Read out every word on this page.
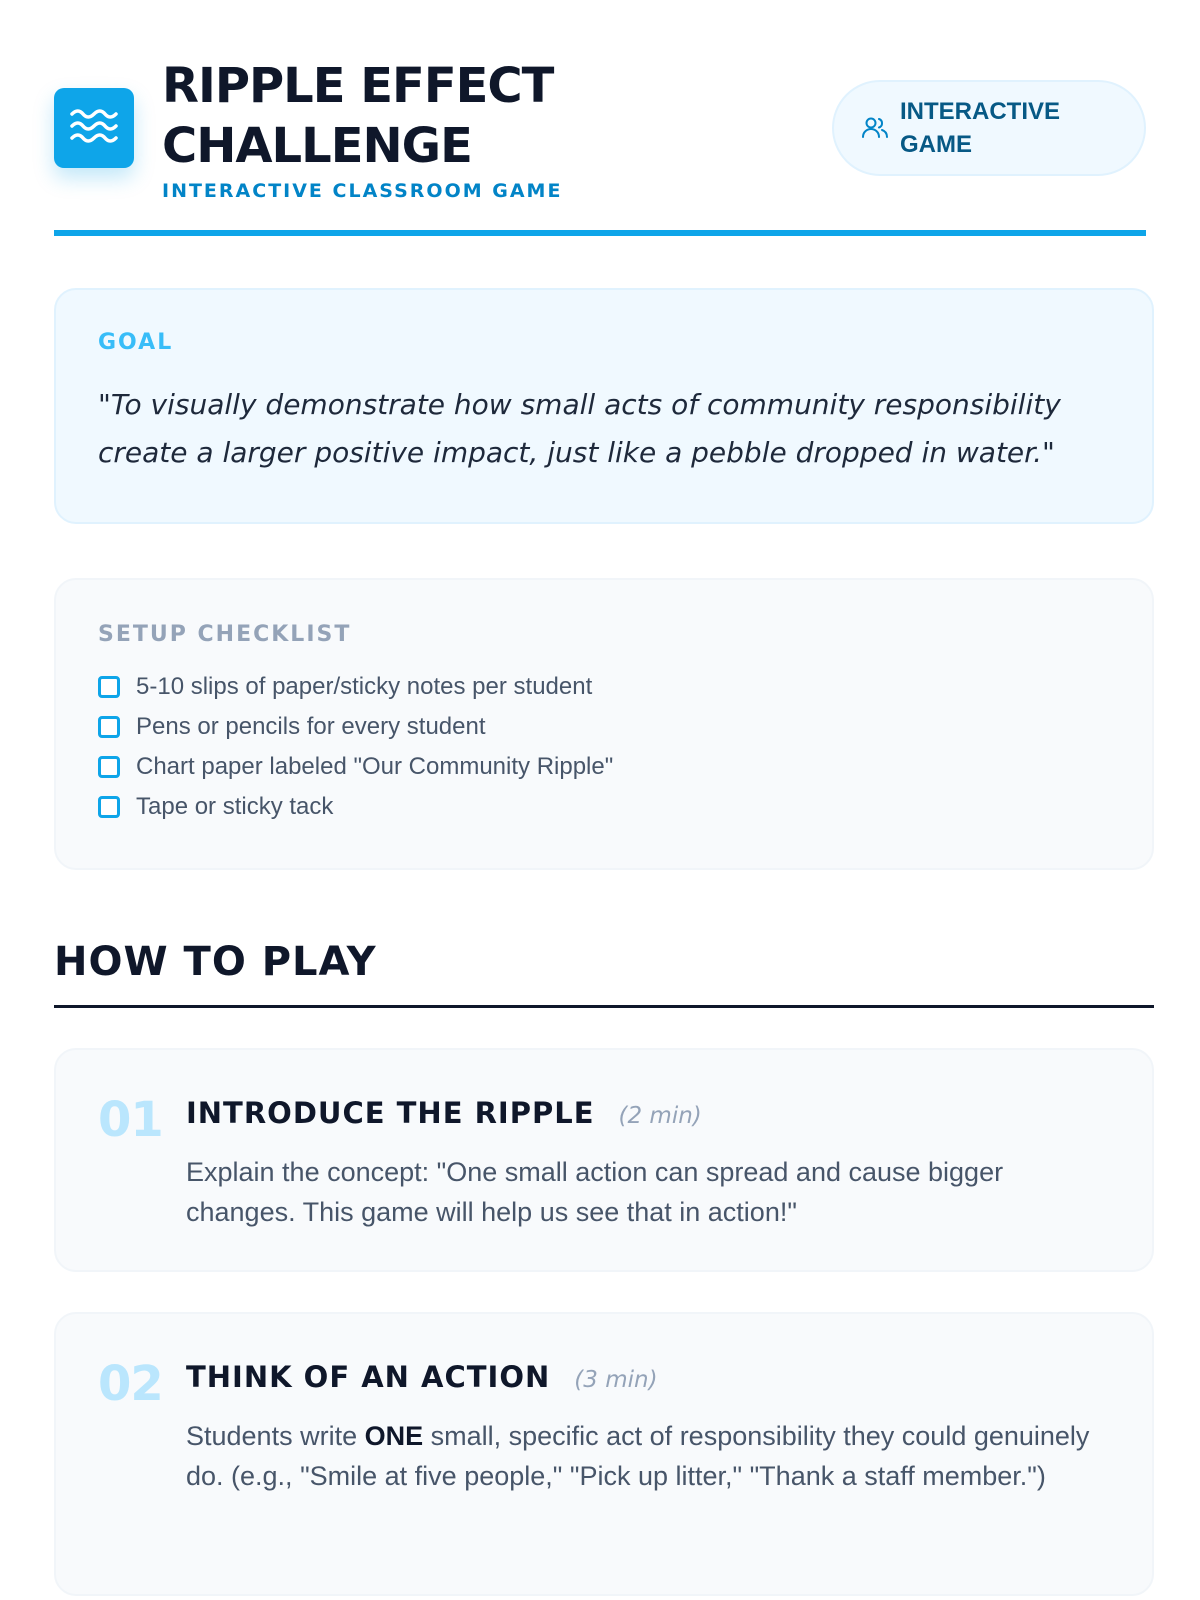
RIPPLE EFFECT
CHALLENGE
INTERACTIVE CLASSROOM GAME
INTERACTIVE
GAME
GOAL
"To visually demonstrate how small acts of community responsibility create a larger positive impact, just like a pebble dropped in water."
SETUP CHECKLIST
5-10 slips of paper/sticky notes per student
Pens or pencils for every student
Chart paper labeled "Our Community Ripple"
Tape or sticky tack
HOW TO PLAY
01 INTRODUCE THE RIPPLE (2 min)
Explain the concept: "One small action can spread and cause bigger changes. This game will help us see that in action!"
02 THINK OF AN ACTION (3 min)
Students write ONE small, specific act of responsibility they could genuinely do. (e.g., "Smile at five people," "Pick up litter," "Thank a staff member.")
